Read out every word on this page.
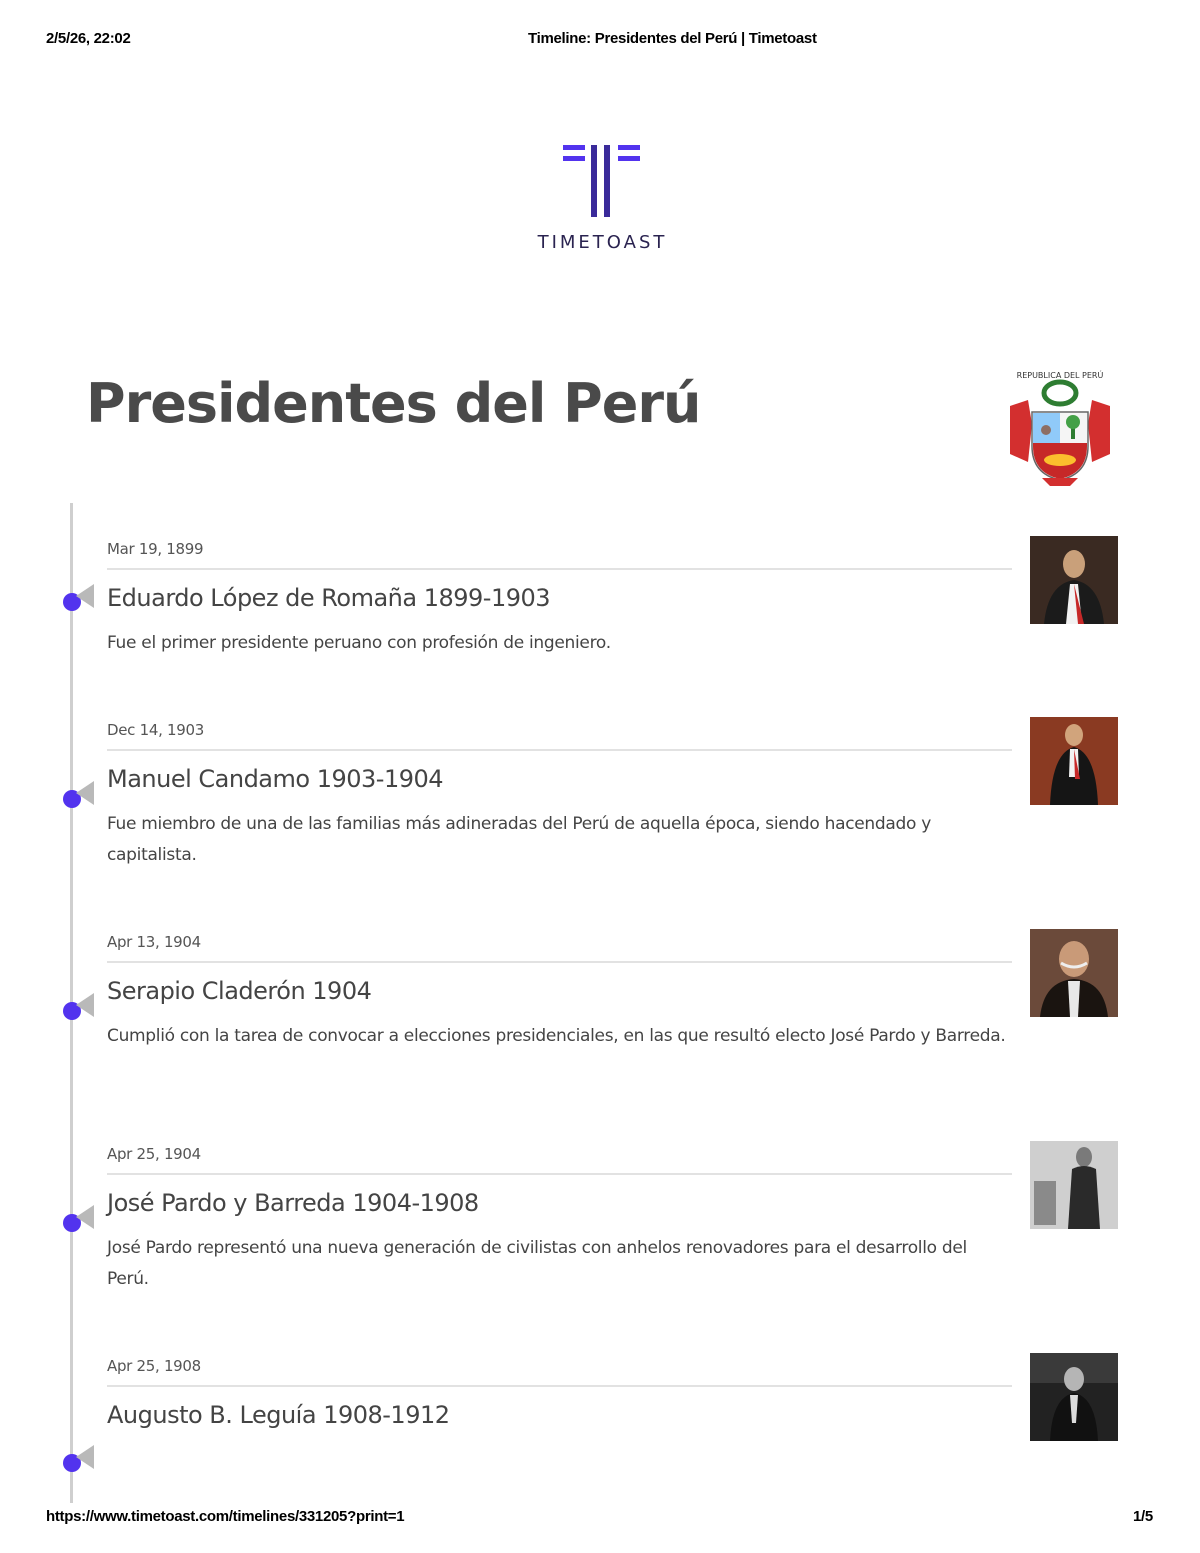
2/5/26, 22:02	Timeline: Presidentes del Perú | Timetoast
TIMETOAST
Presidentes del Perú	REPUBLICA DEL PERÚ
Mar 19, 1899
Eduardo López de Romaña 1899-1903

Fue el primer presidente peruano con profesión de ingeniero.

Dec 14, 1903
Manuel Candamo 1903-1904

Fue miembro de una de las familias más adineradas del Perú de aquella época, siendo hacendado y capitalista.

Apr 13, 1904
Serapio Claderón 1904

Cumplió con la tarea de convocar a elecciones presidenciales, en las que resultó electo José Pardo y Barreda.

Apr 25, 1904
José Pardo y Barreda 1904-1908

José Pardo representó una nueva generación de civilistas con anhelos renovadores para el desarrollo del Perú.

Apr 25, 1908
Augusto B. Leguía 1908-1912
https://www.timetoast.com/timelines/331205?print=1	1/5
